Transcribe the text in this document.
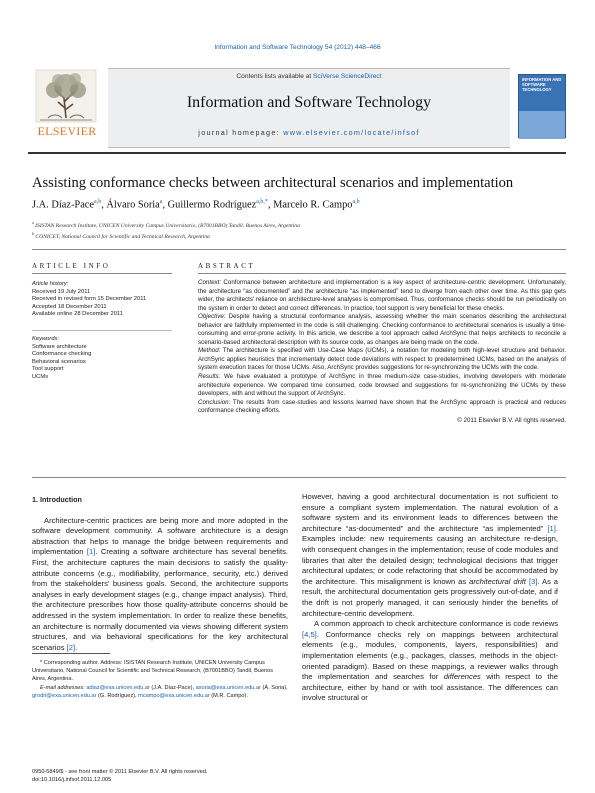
Information and Software Technology 54 (2012) 448–466
ELSEVIER
Contents lists available at SciVerse ScienceDirect
Information and Software Technology
journal homepage: www.elsevier.com/locate/infsof
INFORMATION AND SOFTWARE TECHNOLOGY
Assisting conformance checks between architectural scenarios and implementation
J.A. Díaz-Pace$^{a,b}$, Álvaro Soria$^a$, Guillermo Rodríguez$^{a,b,*}$, Marcelo R. Campo$^{a,b}$
$^a$ ISISTAN Research Institute, UNICEN University Campus Universitario, (B7001BBO) Tandil, Buenos Aires, Argentina
$^b$ CONICET, National Council for Scientific and Technical Research, Argentina
ARTICLE INFO	ABSTRACT
Article history:
Received 19 July 2011
Received in revised form 15 December 2011
Accepted 18 December 2011
Available online 28 December 2011
Keywords:
Software architecture
Conformance checking
Behavioral scenarios
Tool support
UCMs

Context: Conformance between architecture and implementation is a key aspect of architecture-centric development. Unfortunately, the architecture “as documented” and the architecture “as implemented” tend to diverge from each other over time. As this gap gets wider, the architects’ reliance on architecture-level analyses is compromised. Thus, conformance checks should be run periodically on the system in order to detect and correct differences. In practice, tool support is very beneficial for these checks.

Objective: Despite having a structural conformance analysis, assessing whether the main scenarios describing the architectural behavior are faithfully implemented in the code is still challenging. Checking conformance to architectural scenarios is usually a time-consuming and error-prone activity. In this article, we describe a tool approach called ArchSync that helps architects to reconcile a scenario-based architectural description with its source code, as changes are being made on the code.

Method: The architecture is specified with Use-Case Maps (UCMs), a notation for modeling both high-level structure and behavior. ArchSync applies heuristics that incrementally detect code deviations with respect to predetermined UCMs, based on the analysis of system execution traces for those UCMs. Also, ArchSync provides suggestions for re-synchronizing the UCMs with the code.

Results: We have evaluated a prototype of ArchSync in three medium-size case-studies, involving developers with moderate architecture experience. We compared time consumed, code browsed and suggestions for re-synchronizing the UCMs by these developers, with and without the support of ArchSync.

Conclusion: The results from case-studies and lessons learned have shown that the ArchSync approach is practical and reduces conformance checking efforts.

© 2011 Elsevier B.V. All rights reserved.

1. Introduction

Architecture-centric practices are being more and more adopted in the software development community. A software architecture is a design abstraction that helps to manage the bridge between requirements and implementation [1]. Creating a software architecture has several benefits. First, the architecture captures the main decisions to satisfy the quality-attribute concerns (e.g., modifiability, performance, security, etc.) derived from the stakeholders’ business goals. Second, the architecture supports analyses in early development stages (e.g., change impact analysis). Third, the architecture prescribes how those quality-attribute concerns should be addressed in the system implementation. In order to realize these benefits, an architecture is normally documented via views showing different system structures, and via behavioral specifications for the key architectural scenarios [2].

* Corresponding author. Address: ISISTAN Research Institute, UNICEN University Campus Universitario, National Council for Scientific and Technical Research, (B7001BBO) Tandil, Buenos Aires, Argentina.
E-mail addresses: adiaz@exa.unicen.edu.ar (J.A. Díaz-Pace), asoria@exa.unicen.edu.ar (Á. Soria), grodri@exa.unicen.edu.ar (G. Rodríguez), mcampo@exa.unicen.edu.ar (M.R. Campo).
0950-5849/$ - see front matter © 2011 Elsevier B.V. All rights reserved.
doi:10.1016/j.infsof.2011.12.005

However, having a good architectural documentation is not sufficient to ensure a compliant system implementation. The natural evolution of a software system and its environment leads to differences between the architecture “as-documented” and the architecture “as implemented” [1]. Examples include: new requirements causing an architecture re-design, with consequent changes in the implementation; reuse of code modules and libraries that alter the detailed design; technological decisions that trigger architectural updates; or code refactoring that should be accommodated by the architecture. This misalignment is known as architectural drift [3]. As a result, the architectural documentation gets progressively out-of-date, and if the drift is not properly managed, it can seriously hinder the benefits of architecture-centric development.

A common approach to check architecture conformance is code reviews [4,5]. Conformance checks rely on mappings between architectural elements (e.g., modules, components, layers, responsibilities) and implementation elements (e.g., packages, classes, methods in the object-oriented paradigm). Based on these mappings, a reviewer walks through the implementation and searches for differences with respect to the architecture, either by hand or with tool assistance. The differences can involve structural or
